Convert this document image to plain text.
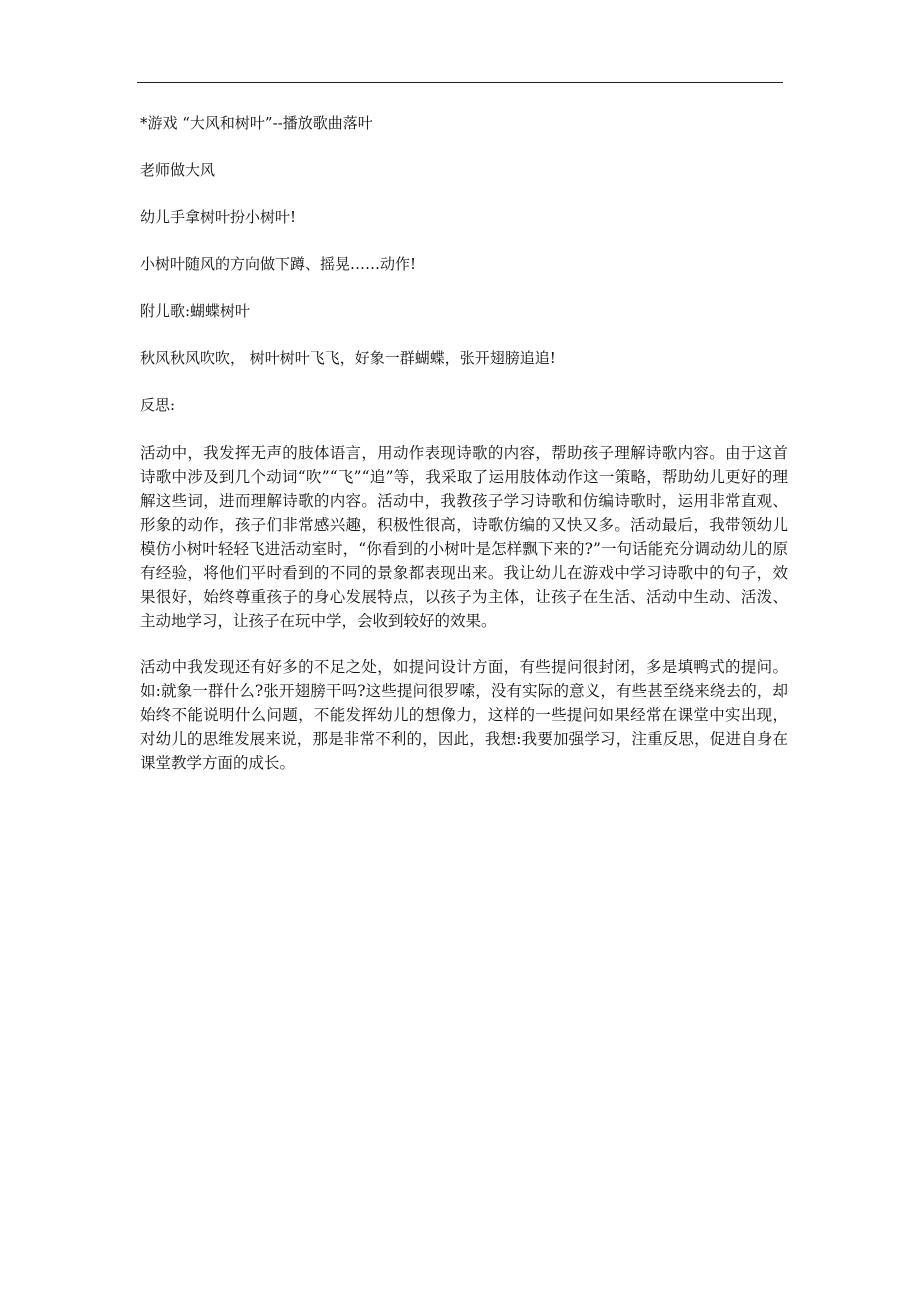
*游戏 “大风和树叶”--播放歌曲落叶

老师做大风

幼儿手拿树叶扮小树叶!

小树叶随风的方向做下蹲、摇晃……动作!

附儿歌:蝴蝶树叶

秋风秋风吹吹， 树叶树叶飞飞，好象一群蝴蝶，张开翅膀追追!

反思:

活动中，我发挥无声的肢体语言，用动作表现诗歌的内容，帮助孩子理解诗歌内容。由于这首诗歌中涉及到几个动词“吹”“飞”“追”等，我采取了运用肢体动作这一策略，帮助幼儿更好的理解这些词，进而理解诗歌的内容。活动中，我教孩子学习诗歌和仿编诗歌时，运用非常直观、形象的动作，孩子们非常感兴趣，积极性很高，诗歌仿编的又快又多。活动最后，我带领幼儿模仿小树叶轻轻飞进活动室时，“你看到的小树叶是怎样飘下来的?”一句话能充分调动幼儿的原有经验，将他们平时看到的不同的景象都表现出来。我让幼儿在游戏中学习诗歌中的句子，效果很好，始终尊重孩子的身心发展特点，以孩子为主体，让孩子在生活、活动中生动、活泼、主动地学习，让孩子在玩中学，会收到较好的效果。

活动中我发现还有好多的不足之处，如提问设计方面，有些提问很封闭，多是填鸭式的提问。如:就象一群什么?张开翅膀干吗?这些提问很罗嗦，没有实际的意义，有些甚至绕来绕去的，却始终不能说明什么问题，不能发挥幼儿的想像力，这样的一些提问如果经常在课堂中实出现，对幼儿的思维发展来说，那是非常不利的，因此，我想:我要加强学习，注重反思，促进自身在课堂教学方面的成长。
